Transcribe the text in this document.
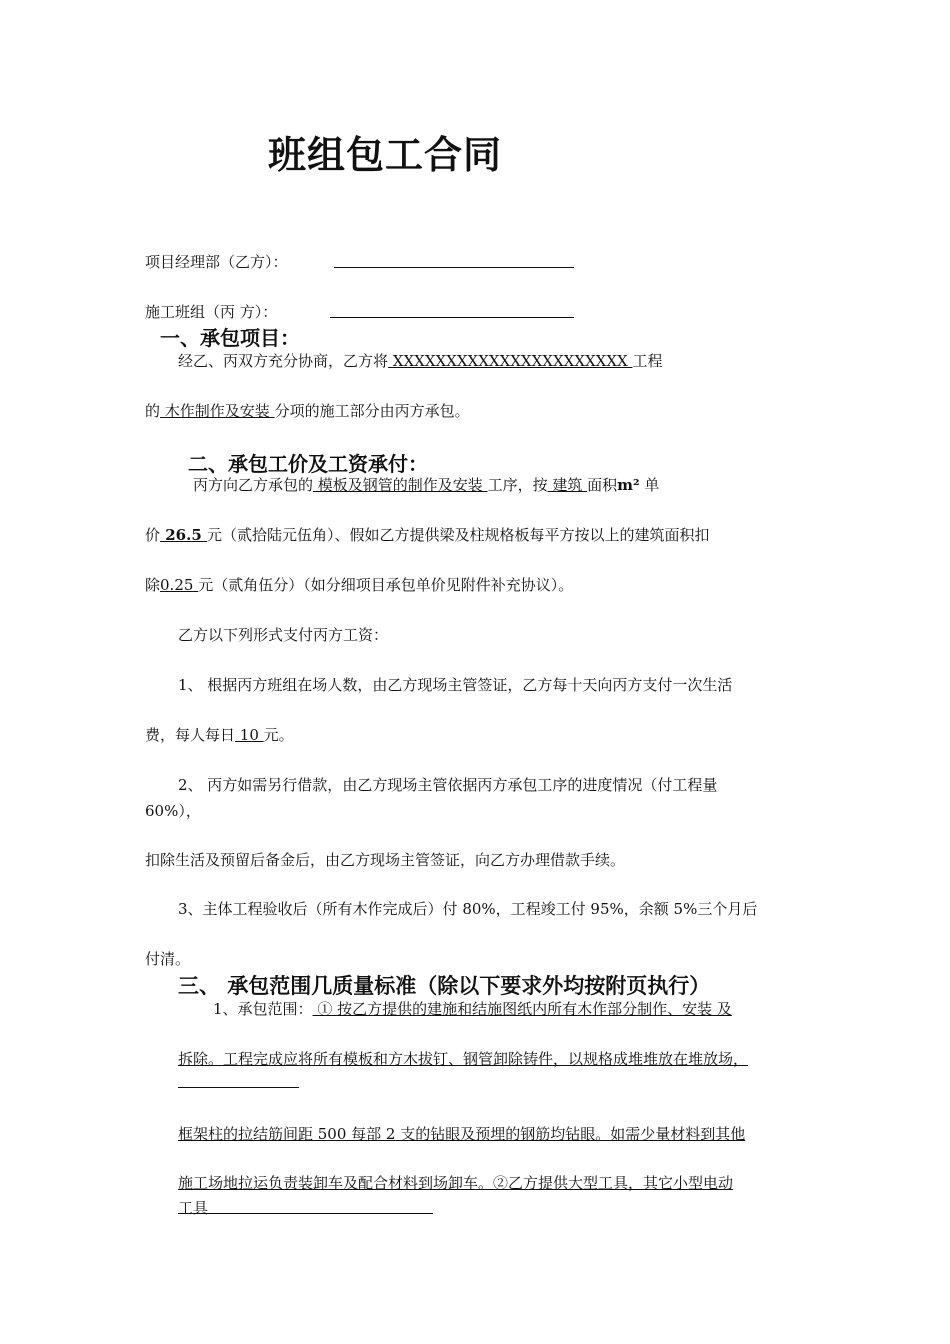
班组包工合同
项目经理部（乙方）：
施工班组（丙 方）：
一、承包项目：
经乙、丙双方充分协商，乙方将 XXXXXXXXXXXXXXXXXXXXXX 工程
的 木作制作及安装 分项的施工部分由丙方承包。
二、承包工价及工资承付：
丙方向乙方承包的 模板及钢管的制作及安装 工序，按 建筑 面积m² 单
价 26.5 元（贰拾陆元伍角）、假如乙方提供梁及柱规格板每平方按以上的建筑面积扣
除0.25 元（贰角伍分）（如分细项目承包单价见附件补充协议）。
乙方以下列形式支付丙方工资：
1、 根据丙方班组在场人数，由乙方现场主管签证，乙方每十天向丙方支付一次生活
费，每人每日 10 元。
2、 丙方如需另行借款，由乙方现场主管依据丙方承包工序的进度情况（付工程量
60%），
扣除生活及预留后备金后，由乙方现场主管签证，向乙方办理借款手续。
3、主体工程验收后（所有木作完成后）付 80%，工程竣工付 95%，余额 5%三个月后
付清。
三、 承包范围几质量标准（除以下要求外均按附页执行）
1、承包范围： ① 按乙方提供的建施和结施图纸内所有木作部分制作、安装 及
拆除。工程完成应将所有模板和方木拔钉、钢管卸除铸件，以规格成堆堆放在堆放场，
框架柱的拉结筋间距 500 每部 2 支的钻眼及预埋的钢筋均钻眼。如需少量材料到其他
施工场地拉运负责装卸车及配合材料到场卸车。②乙方提供大型工具，其它小型电动
工具
